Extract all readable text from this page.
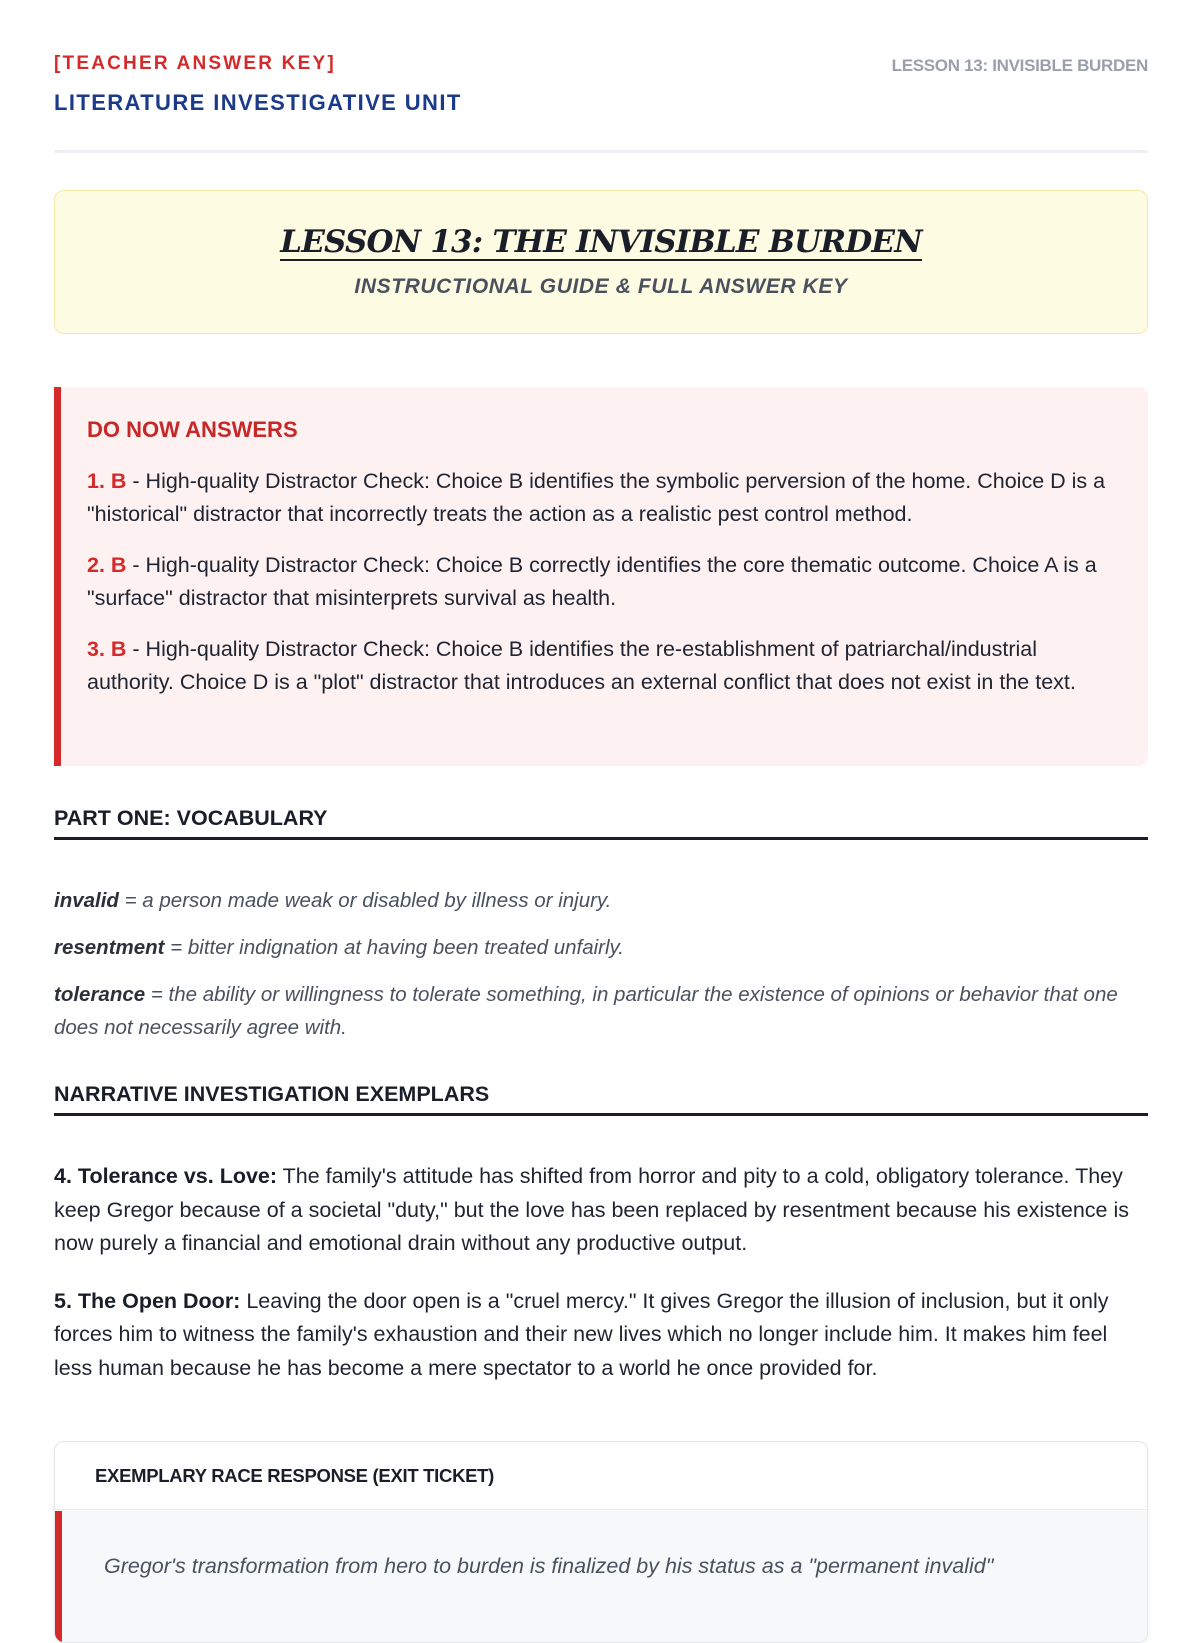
[TEACHER ANSWER KEY]
LITERATURE INVESTIGATIVE UNIT
LESSON 13: INVISIBLE BURDEN
LESSON 13: THE INVISIBLE BURDEN
INSTRUCTIONAL GUIDE & FULL ANSWER KEY
DO NOW ANSWERS

1. B - High-quality Distractor Check: Choice B identifies the symbolic perversion of the home. Choice D is a "historical" distractor that incorrectly treats the action as a realistic pest control method.

2. B - High-quality Distractor Check: Choice B correctly identifies the core thematic outcome. Choice A is a "surface" distractor that misinterprets survival as health.

3. B - High-quality Distractor Check: Choice B identifies the re-establishment of patriarchal/industrial authority. Choice D is a "plot" distractor that introduces an external conflict that does not exist in the text.

PART ONE: VOCABULARY

invalid = a person made weak or disabled by illness or injury.

resentment = bitter indignation at having been treated unfairly.

tolerance = the ability or willingness to tolerate something, in particular the existence of opinions or behavior that one does not necessarily agree with.

NARRATIVE INVESTIGATION EXEMPLARS

4. Tolerance vs. Love: The family's attitude has shifted from horror and pity to a cold, obligatory tolerance. They keep Gregor because of a societal "duty," but the love has been replaced by resentment because his existence is now purely a financial and emotional drain without any productive output.

5. The Open Door: Leaving the door open is a "cruel mercy." It gives Gregor the illusion of inclusion, but it only forces him to witness the family's exhaustion and their new lives which no longer include him. It makes him feel less human because he has become a mere spectator to a world he once provided for.

EXEMPLARY RACE RESPONSE (EXIT TICKET)
Gregor's transformation from hero to burden is finalized by his status as a "permanent invalid"
